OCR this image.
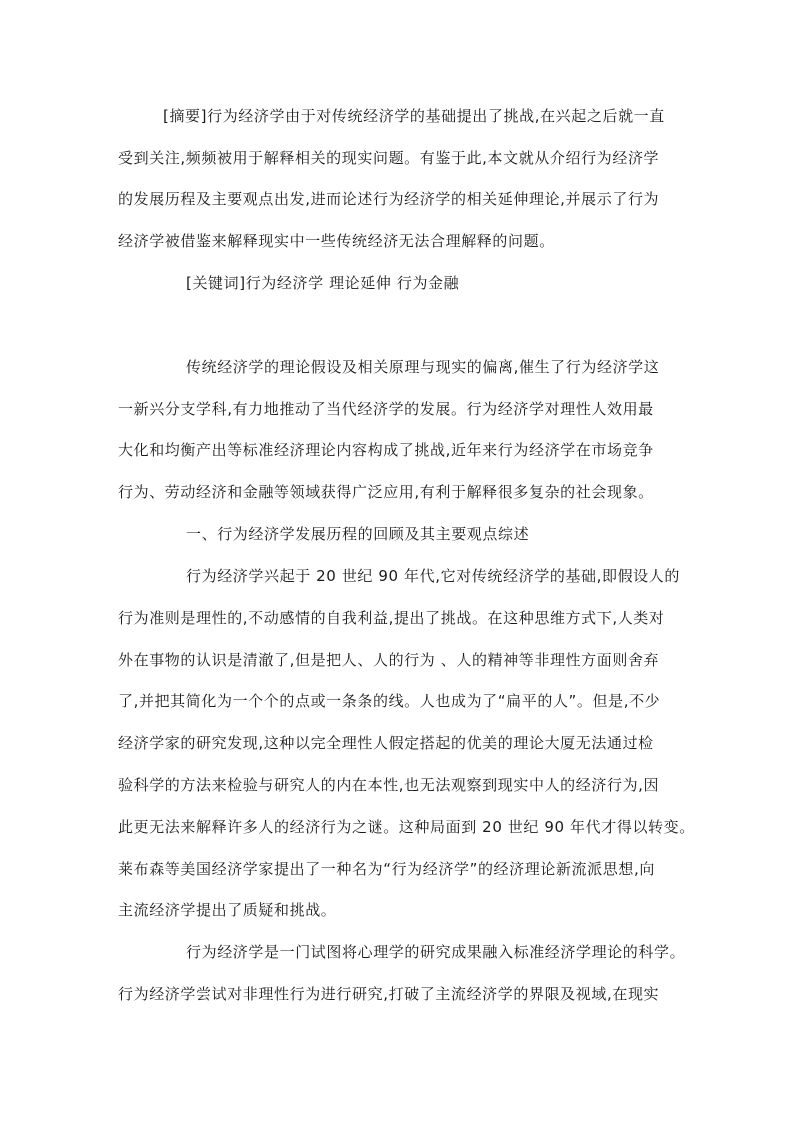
[摘要]行为经济学由于对传统经济学的基础提出了挑战,在兴起之后就一直
受到关注,频频被用于解释相关的现实问题。有鉴于此,本文就从介绍行为经济学
的发展历程及主要观点出发,进而论述行为经济学的相关延伸理论,并展示了行为
经济学被借鉴来解释现实中一些传统经济无法合理解释的问题。
[关键词]行为经济学 理论延伸 行为金融
传统经济学的理论假设及相关原理与现实的偏离,催生了行为经济学这
一新兴分支学科,有力地推动了当代经济学的发展。行为经济学对理性人效用最
大化和均衡产出等标准经济理论内容构成了挑战,近年来行为经济学在市场竞争
行为、劳动经济和金融等领域获得广泛应用,有利于解释很多复杂的社会现象。
一、行为经济学发展历程的回顾及其主要观点综述
行为经济学兴起于 20 世纪 90 年代,它对传统经济学的基础,即假设人的
行为准则是理性的,不动感情的自我利益,提出了挑战。在这种思维方式下,人类对
外在事物的认识是清澈了,但是把人、人的行为 、人的精神等非理性方面则舍弃
了,并把其简化为一个个的点或一条条的线。人也成为了“扁平的人”。但是,不少
经济学家的研究发现,这种以完全理性人假定搭起的优美的理论大厦无法通过检
验科学的方法来检验与研究人的内在本性,也无法观察到现实中人的经济行为,因
此更无法来解释许多人的经济行为之谜。这种局面到 20 世纪 90 年代才得以转变。
莱布森等美国经济学家提出了一种名为“行为经济学”的经济理论新流派思想,向
主流经济学提出了质疑和挑战。
行为经济学是一门试图将心理学的研究成果融入标准经济学理论的科学。
行为经济学尝试对非理性行为进行研究,打破了主流经济学的界限及视域,在现实
